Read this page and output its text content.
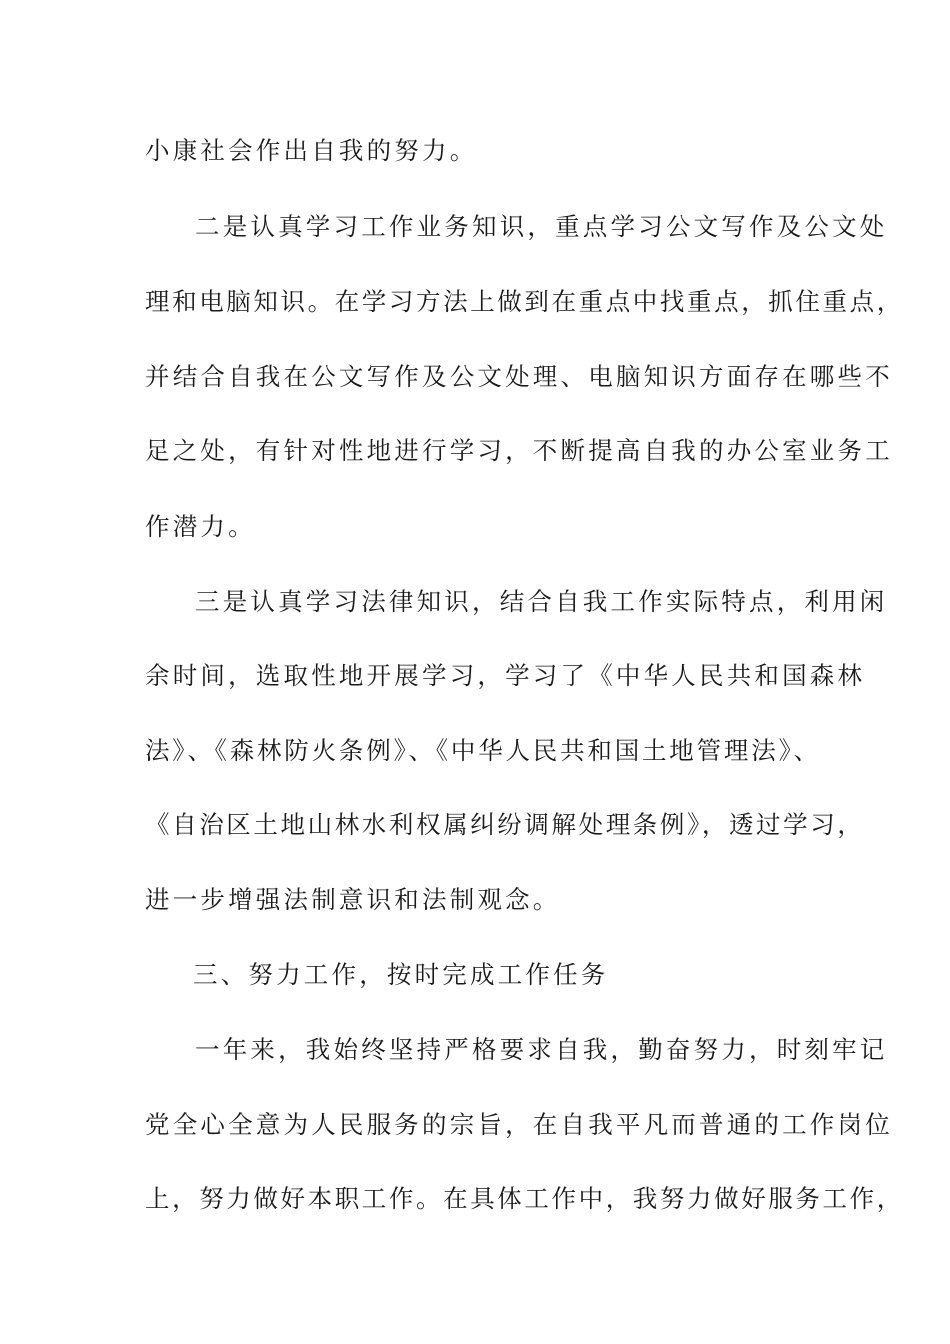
小康社会作出自我的努力。
二是认真学习工作业务知识，重点学习公文写作及公文处
理和电脑知识。在学习方法上做到在重点中找重点，抓住重点，
并结合自我在公文写作及公文处理、电脑知识方面存在哪些不
足之处，有针对性地进行学习，不断提高自我的办公室业务工
作潜力。
三是认真学习法律知识，结合自我工作实际特点，利用闲
余时间，选取性地开展学习，学习了《中华人民共和国森林
法》、《森林防火条例》、《中华人民共和国土地管理法》、
《自治区土地山林水利权属纠纷调解处理条例》，透过学习，
进一步增强法制意识和法制观念。
三、努力工作，按时完成工作任务
一年来，我始终坚持严格要求自我，勤奋努力，时刻牢记
党全心全意为人民服务的宗旨，在自我平凡而普通的工作岗位
上，努力做好本职工作。在具体工作中，我努力做好服务工作，
